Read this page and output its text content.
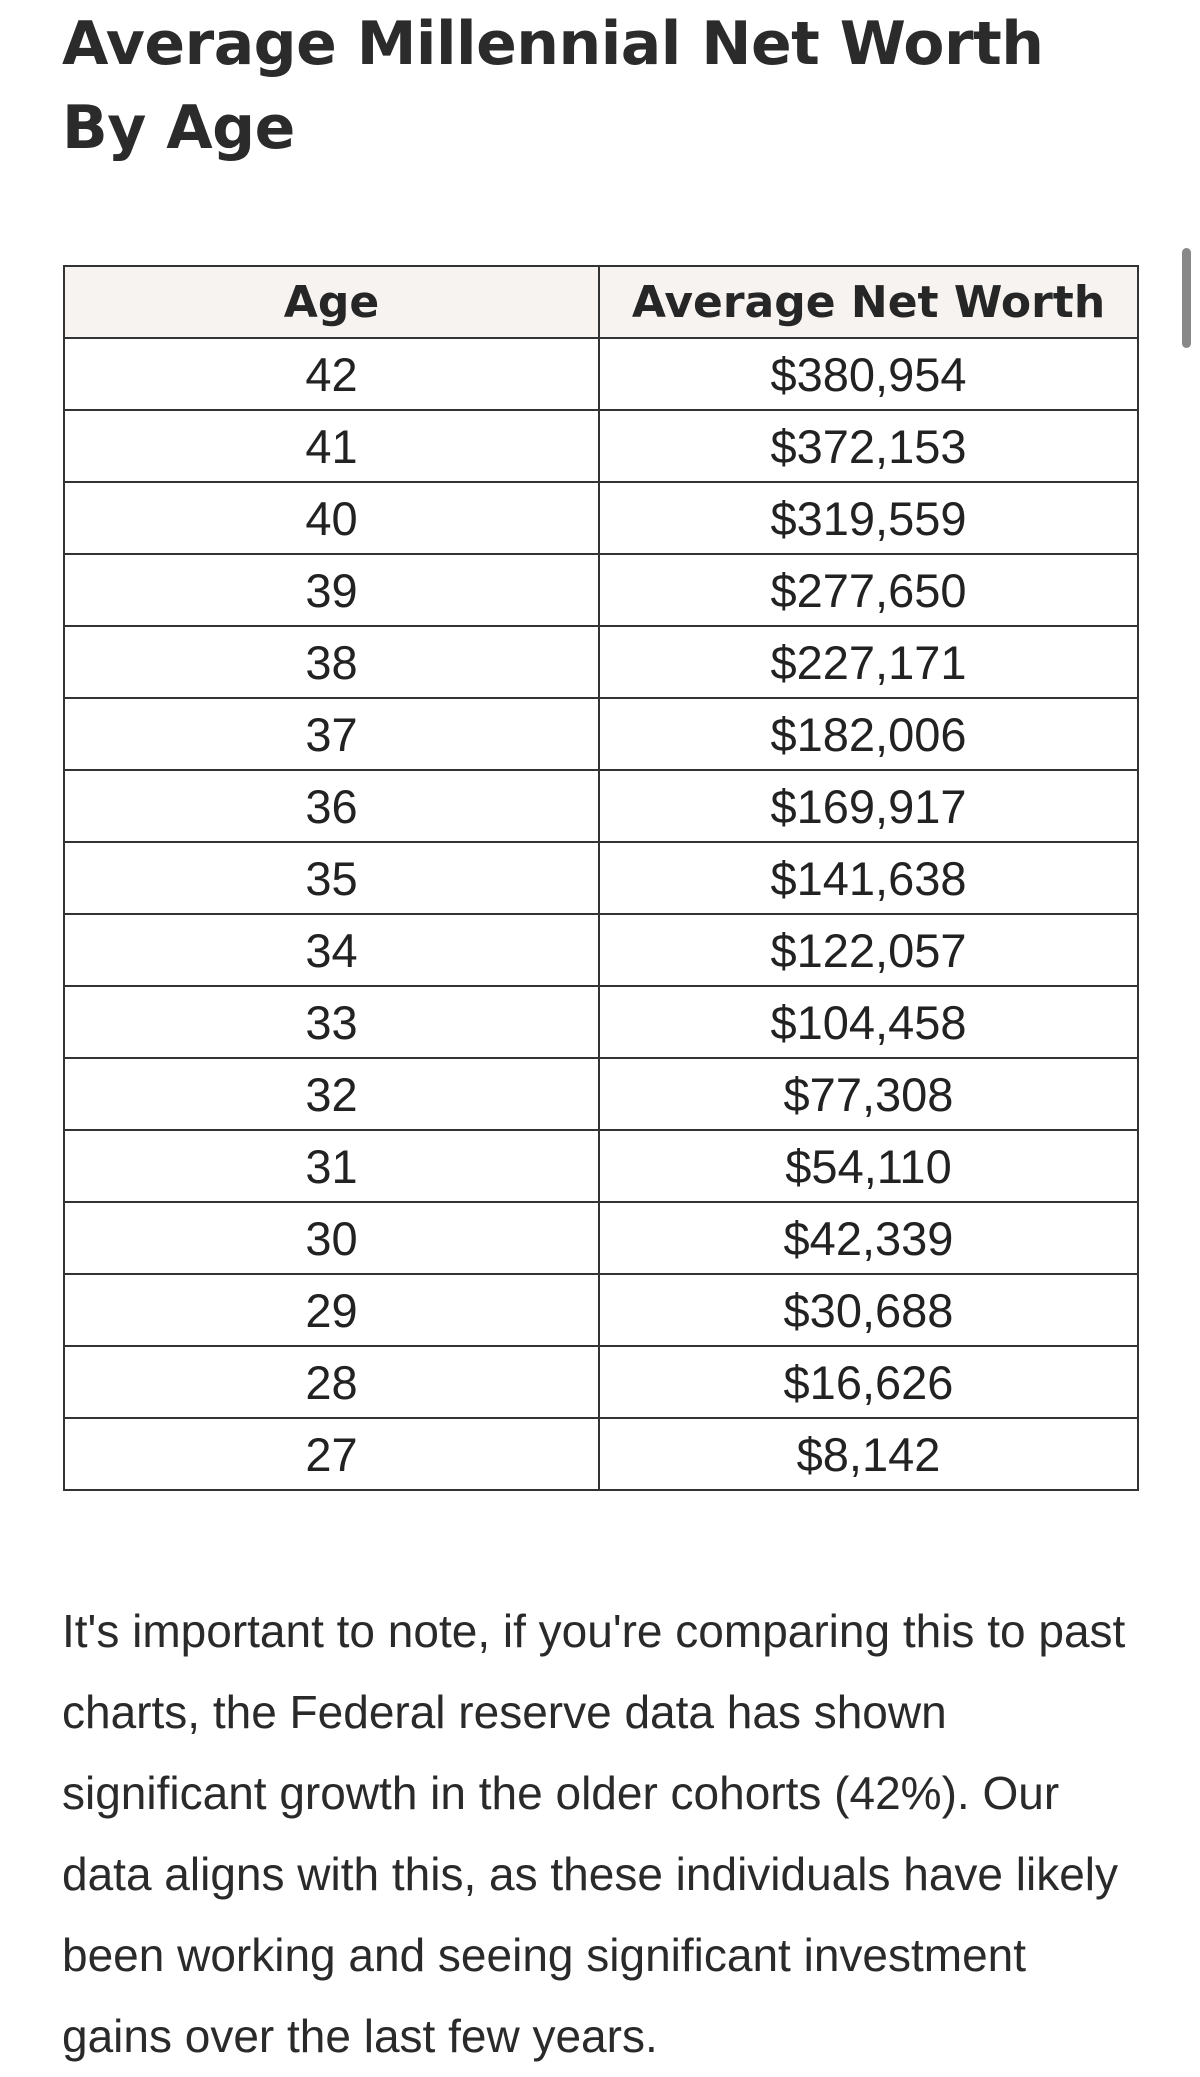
Average Millennial Net Worth By Age
Age	Average Net Worth
42	$380,954
41	$372,153
40	$319,559
39	$277,650
38	$227,171
37	$182,006
36	$169,917
35	$141,638
34	$122,057
33	$104,458
32	$77,308
31	$54,110
30	$42,339
29	$30,688
28	$16,626
27	$8,142

It's important to note, if you're comparing this to past charts, the Federal reserve data has shown significant growth in the older cohorts (42%). Our data aligns with this, as these individuals have likely been working and seeing significant investment gains over the last few years.
